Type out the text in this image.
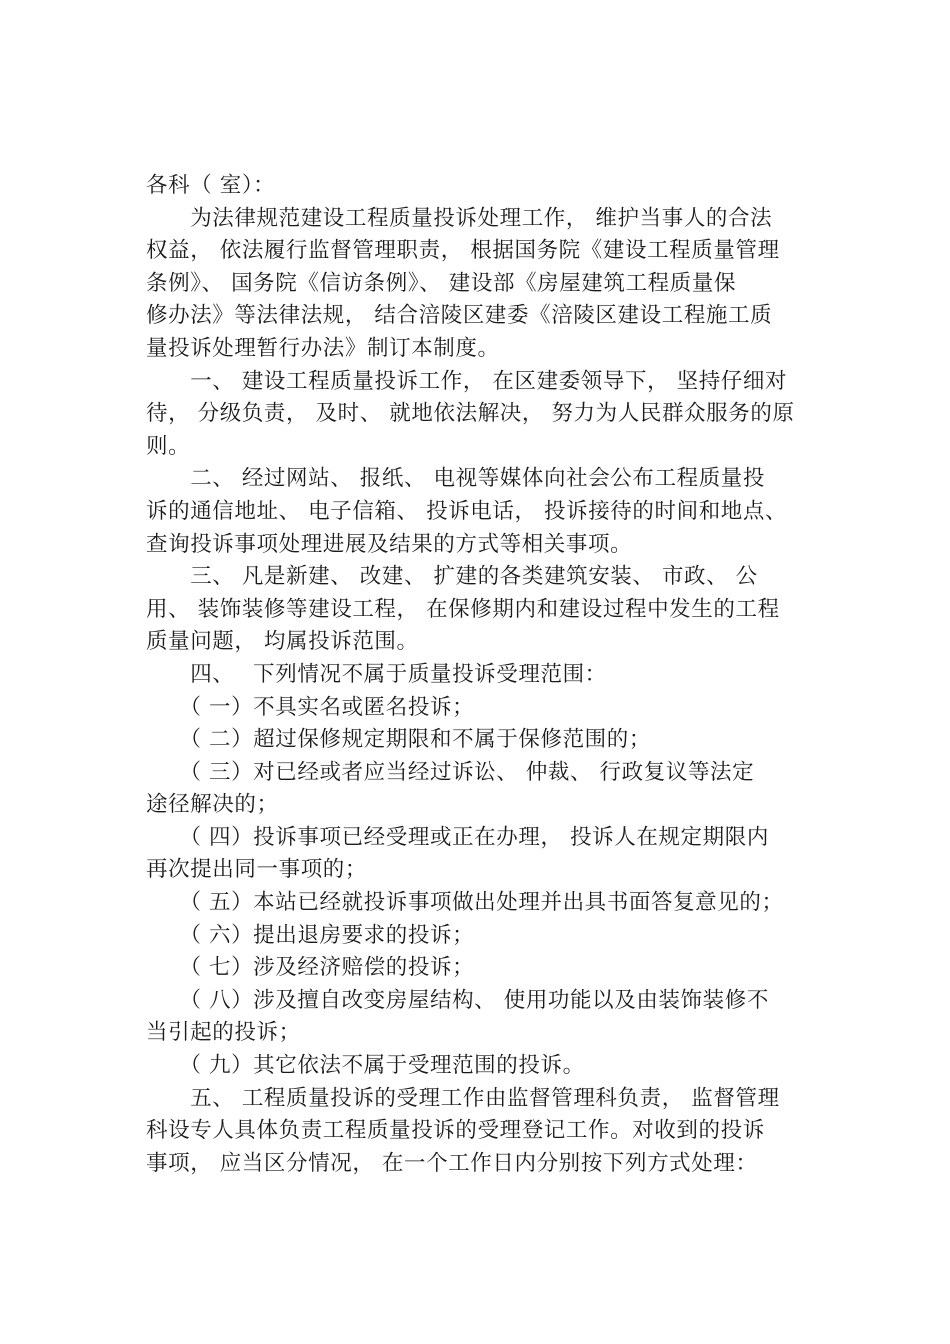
各科（ 室）：
　　为法律规范建设工程质量投诉处理工作， 维护当事人的合法
权益， 依法履行监督管理职责， 根据国务院《建设工程质量管理
条例》、 国务院《信访条例》、 建设部《房屋建筑工程质量保
修办法》等法律法规， 结合涪陵区建委《涪陵区建设工程施工质
量投诉处理暂行办法》制订本制度。
　　一、 建设工程质量投诉工作， 在区建委领导下， 坚持仔细对
待， 分级负责， 及时、 就地依法解决， 努力为人民群众服务的原
则。
　　二、 经过网站、 报纸、 电视等媒体向社会公布工程质量投
诉的通信地址、 电子信箱、 投诉电话， 投诉接待的时间和地点、
查询投诉事项处理进展及结果的方式等相关事项。
　　三、 凡是新建、 改建、 扩建的各类建筑安装、 市政、 公
用、 装饰装修等建设工程， 在保修期内和建设过程中发生的工程
质量问题， 均属投诉范围。
　　四、　 下列情况不属于质量投诉受理范围：
　　（ 一）不具实名或匿名投诉；
　　（ 二）超过保修规定期限和不属于保修范围的；
　　（ 三）对已经或者应当经过诉讼、 仲裁、 行政复议等法定
途径解决的；
　　（ 四）投诉事项已经受理或正在办理， 投诉人在规定期限内
再次提出同一事项的；
　　（ 五）本站已经就投诉事项做出处理并出具书面答复意见的；
　　（ 六）提出退房要求的投诉；
　　（ 七）涉及经济赔偿的投诉；
　　（ 八）涉及擅自改变房屋结构、 使用功能以及由装饰装修不
当引起的投诉；
　　（ 九）其它依法不属于受理范围的投诉。
　　五、 工程质量投诉的受理工作由监督管理科负责， 监督管理
科设专人具体负责工程质量投诉的受理登记工作。对收到的投诉
事项， 应当区分情况， 在一个工作日内分别按下列方式处理：
